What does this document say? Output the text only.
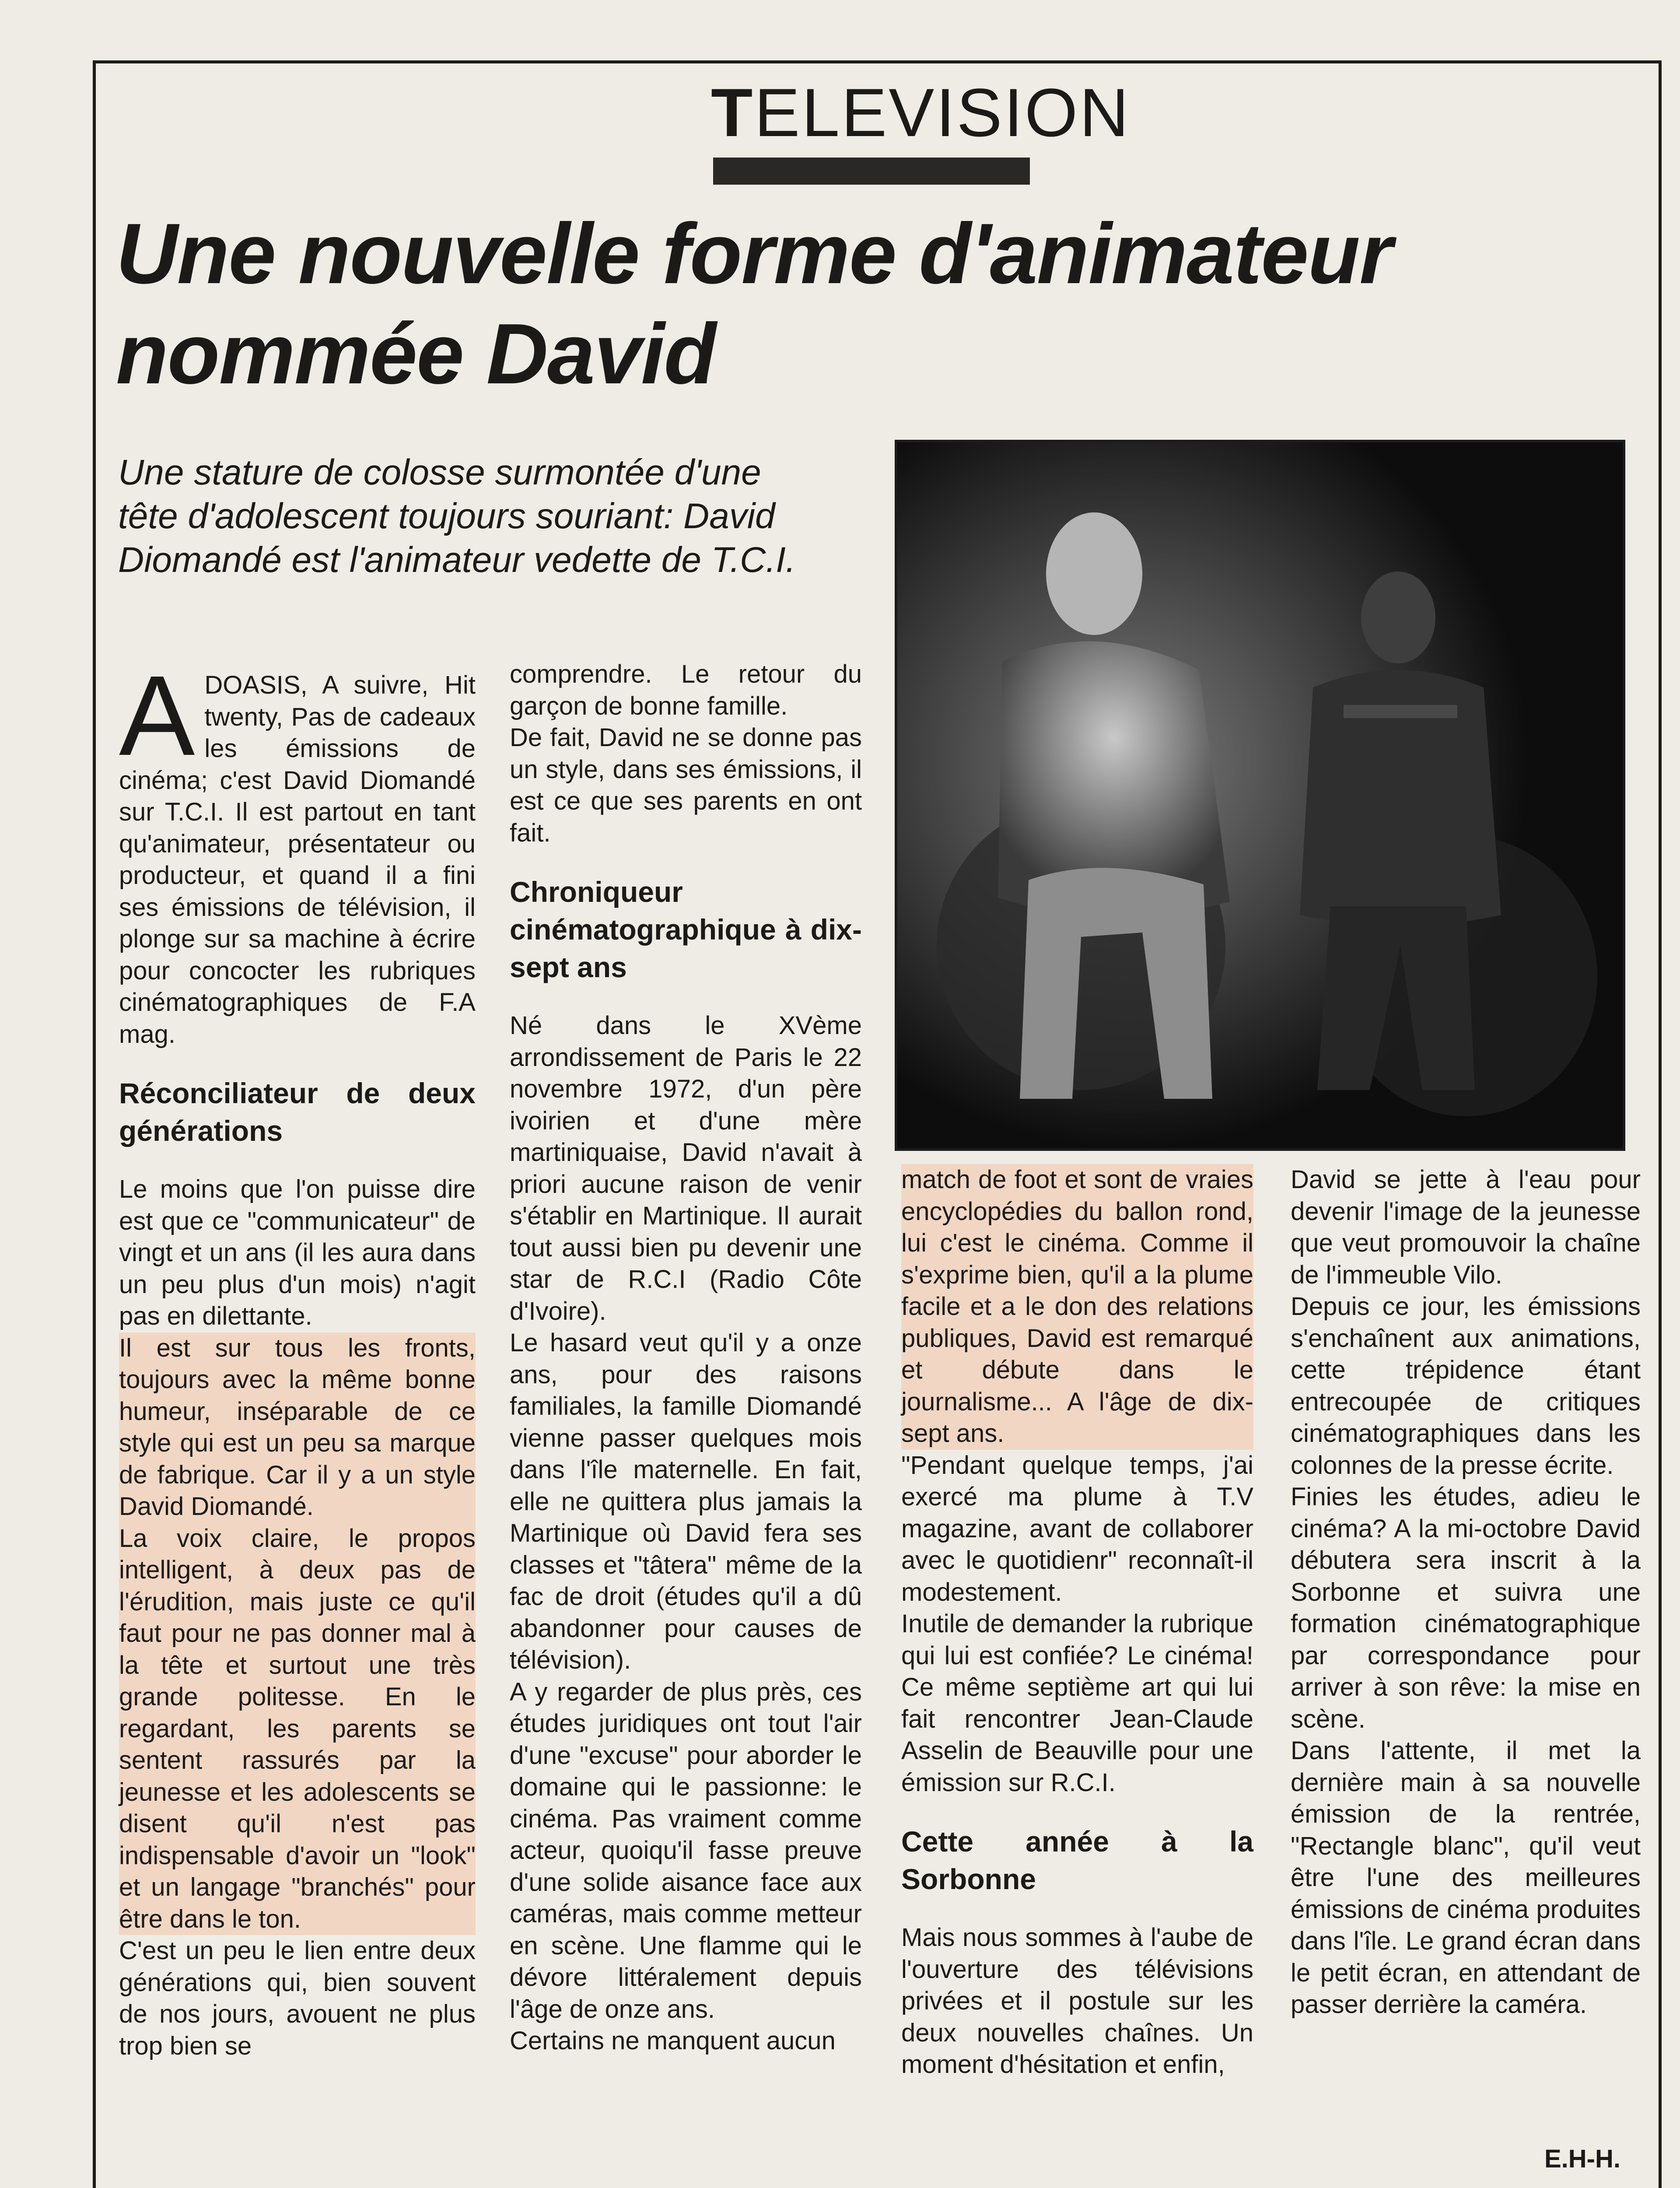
TELEVISION
Une nouvelle forme d'animateur nommée David

Une stature de colosse surmontée d'une tête d'adolescent toujours souriant: David Diomandé est l'animateur vedette de T.C.I.

A DOASIS, A suivre, Hit twenty, Pas de cadeaux les émissions de cinéma; c'est David Diomandé sur T.C.I. Il est partout en tant qu'animateur, présentateur ou producteur, et quand il a fini ses émissions de télévision, il plonge sur sa machine à écrire pour concocter les rubriques cinématographiques de F.A mag.

Réconciliateur de deux générations

Le moins que l'on puisse dire est que ce "communicateur" de vingt et un ans (il les aura dans un peu plus d'un mois) n'agit pas en dilettante.

Il est sur tous les fronts, toujours avec la même bonne humeur, inséparable de ce style qui est un peu sa marque de fabrique. Car il y a un style David Diomandé.

La voix claire, le propos intelligent, à deux pas de l'érudition, mais juste ce qu'il faut pour ne pas donner mal à la tête et surtout une très grande politesse. En le regardant, les parents se sentent rassurés par la jeunesse et les adolescents se disent qu'il n'est pas indispensable d'avoir un "look" et un langage "branchés" pour être dans le ton.

C'est un peu le lien entre deux générations qui, bien souvent de nos jours, avouent ne plus trop bien se

comprendre. Le retour du garçon de bonne famille.

De fait, David ne se donne pas un style, dans ses émissions, il est ce que ses parents en ont fait.

Chroniqueur cinématographique à dix-sept ans

Né dans le XVème arrondissement de Paris le 22 novembre 1972, d'un père ivoirien et d'une mère martiniquaise, David n'avait à priori aucune raison de venir s'établir en Martinique. Il aurait tout aussi bien pu devenir une star de R.C.I (Radio Côte d'Ivoire).

Le hasard veut qu'il y a onze ans, pour des raisons familiales, la famille Diomandé vienne passer quelques mois dans l'île maternelle. En fait, elle ne quittera plus jamais la Martinique où David fera ses classes et "tâtera" même de la fac de droit (études qu'il a dû abandonner pour causes de télévision).

A y regarder de plus près, ces études juridiques ont tout l'air d'une "excuse" pour aborder le domaine qui le passionne: le cinéma. Pas vraiment comme acteur, quoiqu'il fasse preuve d'une solide aisance face aux caméras, mais comme metteur en scène. Une flamme qui le dévore littéralement depuis l'âge de onze ans.

Certains ne manquent aucun

match de foot et sont de vraies encyclopédies du ballon rond, lui c'est le cinéma. Comme il s'exprime bien, qu'il a la plume facile et a le don des relations publiques, David est remarqué et débute dans le journalisme... A l'âge de dix-sept ans.

"Pendant quelque temps, j'ai exercé ma plume à T.V magazine, avant de collaborer avec le quotidienr" reconnaît-il modestement.

Inutile de demander la rubrique qui lui est confiée? Le cinéma! Ce même septième art qui lui fait rencontrer Jean-Claude Asselin de Beauville pour une émission sur R.C.I.

Cette année à la Sorbonne

Mais nous sommes à l'aube de l'ouverture des télévisions privées et il postule sur les deux nouvelles chaînes. Un moment d'hésitation et enfin,

David se jette à l'eau pour devenir l'image de la jeunesse que veut promouvoir la chaîne de l'immeuble Vilo.

Depuis ce jour, les émissions s'enchaînent aux animations, cette trépidence étant entrecoupée de critiques cinématographiques dans les colonnes de la presse écrite.

Finies les études, adieu le cinéma? A la mi-octobre David débutera sera inscrit à la Sorbonne et suivra une formation cinématographique par correspondance pour arriver à son rêve: la mise en scène.

Dans l'attente, il met la dernière main à sa nouvelle émission de la rentrée, "Rectangle blanc", qu'il veut être l'une des meilleures émissions de cinéma produites dans l'île. Le grand écran dans le petit écran, en attendant de passer derrière la caméra.

E.H-H.
